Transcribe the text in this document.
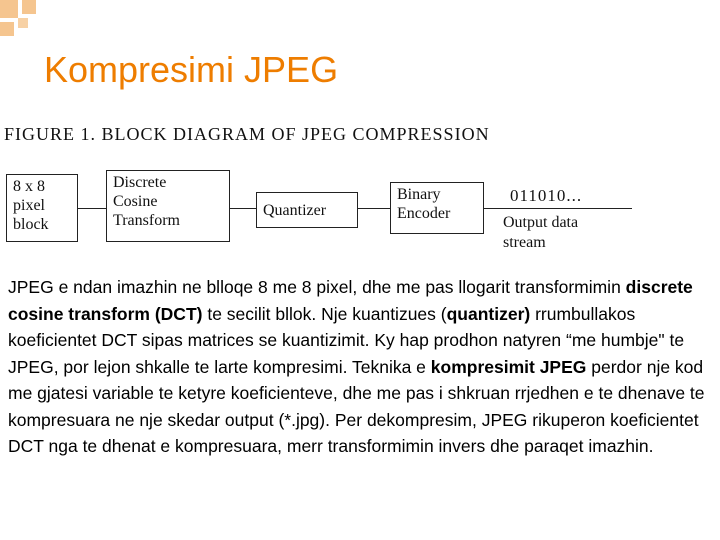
Kompresimi JPEG
FIGURE 1. BLOCK DIAGRAM OF JPEG COMPRESSION
8 x 8
pixel
block
Discrete
Cosine
Transform
Quantizer
Binary
Encoder
011010...
Output data
stream
JPEG e ndan imazhin ne blloqe 8 me 8 pixel, dhe me pas llogarit transformimin discrete cosine transform (DCT) te secilit bllok. Nje kuantizues (quantizer) rrumbullakos koeficientet DCT sipas matrices se kuantizimit. Ky hap prodhon natyren “me humbje" te JPEG, por lejon shkalle te larte kompresimi. Teknika e kompresimit JPEG perdor nje kod me gjatesi variable te ketyre koeficienteve, dhe me pas i shkruan rrjedhen e te dhenave te kompresuara ne nje skedar output (*.jpg). Per dekompresim, JPEG rikuperon koeficientet DCT nga te dhenat e kompresuara, merr transformimin invers dhe paraqet imazhin.
